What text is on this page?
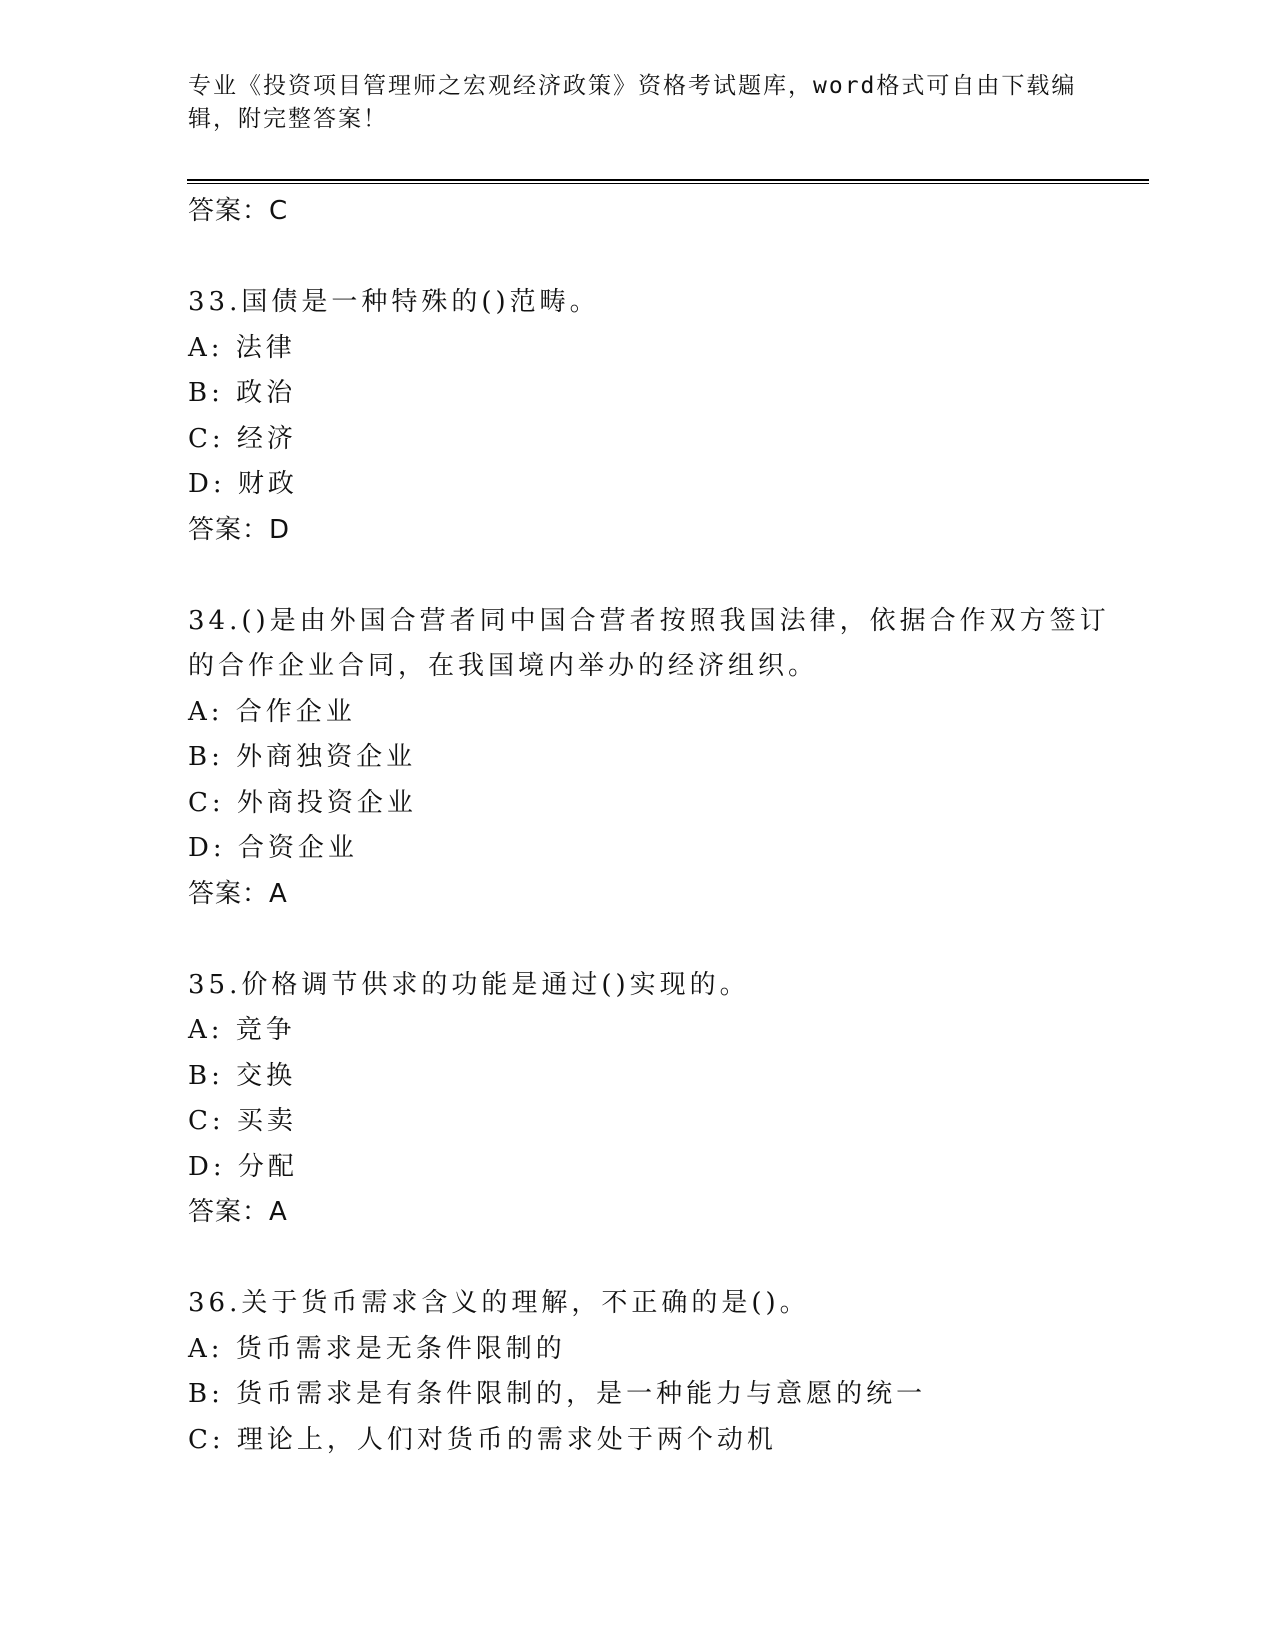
专业《投资项目管理师之宏观经济政策》资格考试题库，word格式可自由下载编
辑，附完整答案！
答案：C
33.国债是一种特殊的()范畴。
A: 法律
B: 政治
C: 经济
D: 财政
答案：D
34.()是由外国合营者同中国合营者按照我国法律，依据合作双方签订
的合作企业合同，在我国境内举办的经济组织。
A: 合作企业
B: 外商独资企业
C: 外商投资企业
D: 合资企业
答案：A
35.价格调节供求的功能是通过()实现的。
A: 竞争
B: 交换
C: 买卖
D: 分配
答案：A
36.关于货币需求含义的理解，不正确的是()。
A: 货币需求是无条件限制的
B: 货币需求是有条件限制的，是一种能力与意愿的统一
C: 理论上，人们对货币的需求处于两个动机
